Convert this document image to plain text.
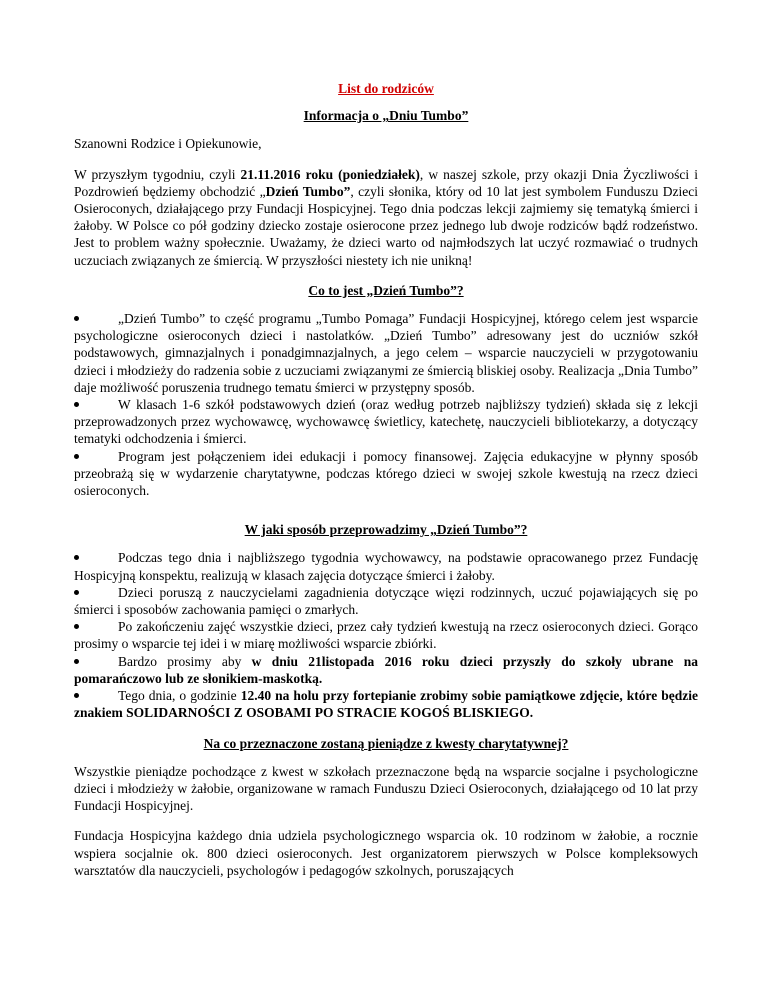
List do rodziców
Informacja o „Dniu Tumbo”
Szanowni Rodzice i Opiekunowie,

W przyszłym tygodniu, czyli 21.11.2016 roku (poniedziałek), w naszej szkole, przy okazji Dnia Życzliwości i Pozdrowień będziemy obchodzić „Dzień Tumbo”, czyli słonika, który od 10 lat jest symbolem Funduszu Dzieci Osieroconych, działającego przy Fundacji Hospicyjnej. Tego dnia podczas lekcji zajmiemy się tematyką śmierci i żałoby. W Polsce co pół godziny dziecko zostaje osierocone przez jednego lub dwoje rodziców bądź rodzeństwo. Jest to problem ważny społecznie. Uważamy, że dzieci warto od najmłodszych lat uczyć rozmawiać o trudnych uczuciach związanych ze śmiercią. W przyszłości niestety ich nie unikną!

Co to jest „Dzień Tumbo”?
„Dzień Tumbo” to część programu „Tumbo Pomaga” Fundacji Hospicyjnej, którego celem jest wsparcie psychologiczne osieroconych dzieci i nastolatków. „Dzień Tumbo” adresowany jest do uczniów szkół podstawowych, gimnazjalnych i ponadgimnazjalnych, a jego celem – wsparcie nauczycieli w przygotowaniu dzieci i młodzieży do radzenia sobie z uczuciami związanymi ze śmiercią bliskiej osoby. Realizacja „Dnia Tumbo” daje możliwość poruszenia trudnego tematu śmierci w przystępny sposób.
W klasach 1-6 szkół podstawowych dzień (oraz według potrzeb najbliższy tydzień) składa się z lekcji przeprowadzonych przez wychowawcę, wychowawcę świetlicy, katechetę, nauczycieli bibliotekarzy, a dotyczący tematyki odchodzenia i śmierci.
Program jest połączeniem idei edukacji i pomocy finansowej. Zajęcia edukacyjne w płynny sposób przeobrażą się w wydarzenie charytatywne, podczas którego dzieci w swojej szkole kwestują na rzecz dzieci osieroconych.
W jaki sposób przeprowadzimy „Dzień Tumbo”?
Podczas tego dnia i najbliższego tygodnia wychowawcy, na podstawie opracowanego przez Fundację Hospicyjną konspektu, realizują w klasach zajęcia dotyczące śmierci i żałoby.
Dzieci poruszą z nauczycielami zagadnienia dotyczące więzi rodzinnych, uczuć pojawiających się po śmierci i sposobów zachowania pamięci o zmarłych.
Po zakończeniu zajęć wszystkie dzieci, przez cały tydzień kwestują na rzecz osieroconych dzieci. Gorąco prosimy o wsparcie tej idei i w miarę możliwości wsparcie zbiórki.
Bardzo prosimy aby w dniu 21listopada 2016 roku dzieci przyszły do szkoły ubrane na pomarańczowo lub ze słonikiem-maskotką.
Tego dnia, o godzinie 12.40 na holu przy fortepianie zrobimy sobie pamiątkowe zdjęcie, które będzie znakiem SOLIDARNOŚCI Z OSOBAMI PO STRACIE KOGOŚ BLISKIEGO.
Na co przeznaczone zostaną pieniądze z kwesty charytatywnej?

Wszystkie pieniądze pochodzące z kwest w szkołach przeznaczone będą na wsparcie socjalne i psychologiczne dzieci i młodzieży w żałobie, organizowane w ramach Funduszu Dzieci Osieroconych, działającego od 10 lat przy Fundacji Hospicyjnej.

Fundacja Hospicyjna każdego dnia udziela psychologicznego wsparcia ok. 10 rodzinom w żałobie, a rocznie wspiera socjalnie ok. 800 dzieci osieroconych. Jest organizatorem pierwszych w Polsce kompleksowych warsztatów dla nauczycieli, psychologów i pedagogów szkolnych, poruszających
